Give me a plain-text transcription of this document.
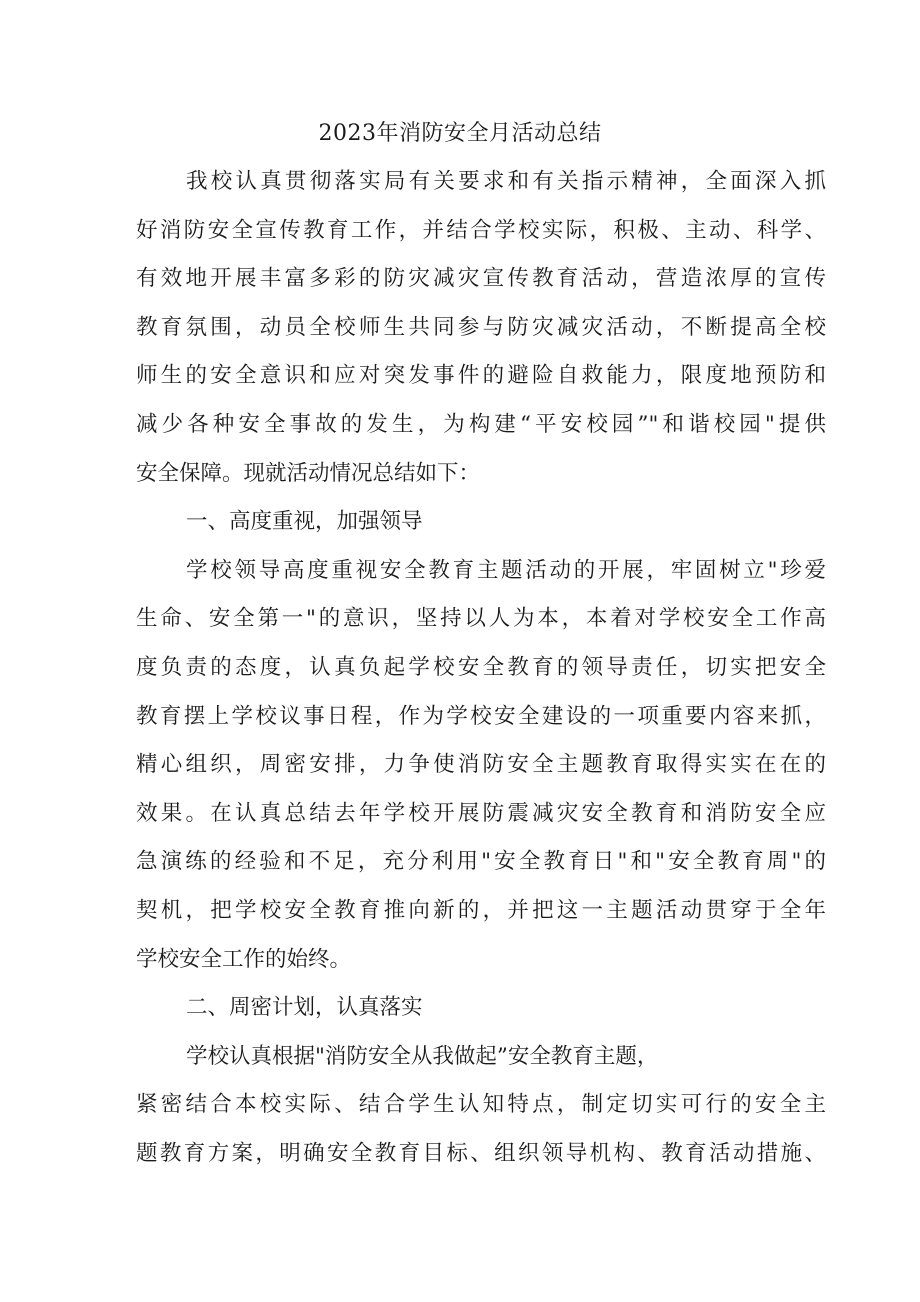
2023年消防安全月活动总结
我校认真贯彻落实局有关要求和有关指示精神，全面深入抓
好消防安全宣传教育工作，并结合学校实际，积极、主动、科学、
有效地开展丰富多彩的防灾减灾宣传教育活动，营造浓厚的宣传
教育氛围，动员全校师生共同参与防灾减灾活动，不断提高全校
师生的安全意识和应对突发事件的避险自救能力，限度地预防和
减少各种安全事故的发生，为构建“平安校园”"和谐校园"提供
安全保障。现就活动情况总结如下：
一、高度重视，加强领导
学校领导高度重视安全教育主题活动的开展，牢固树立"珍爱
生命、安全第一"的意识，坚持以人为本，本着对学校安全工作高
度负责的态度，认真负起学校安全教育的领导责任，切实把安全
教育摆上学校议事日程，作为学校安全建设的一项重要内容来抓，
精心组织，周密安排，力争使消防安全主题教育取得实实在在的
效果。在认真总结去年学校开展防震减灾安全教育和消防安全应
急演练的经验和不足，充分利用"安全教育日"和"安全教育周"的
契机，把学校安全教育推向新的，并把这一主题活动贯穿于全年
学校安全工作的始终。
二、周密计划，认真落实
学校认真根据"消防安全从我做起”安全教育主题，
紧密结合本校实际、结合学生认知特点，制定切实可行的安全主
题教育方案，明确安全教育目标、组织领导机构、教育活动措施、
